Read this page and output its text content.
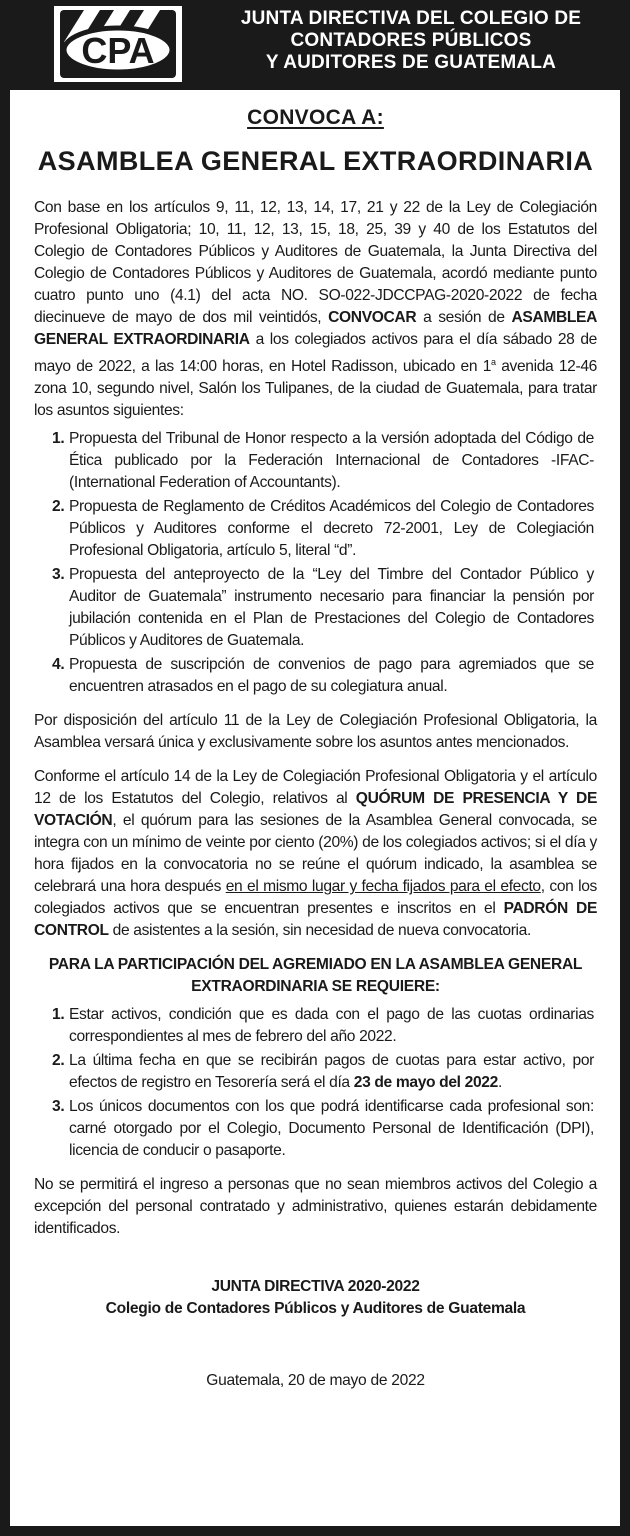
CPA
JUNTA DIRECTIVA DEL COLEGIO DE
CONTADORES PÚBLICOS
Y AUDITORES DE GUATEMALA
CONVOCA A:
ASAMBLEA GENERAL EXTRAORDINARIA

Con base en los artículos 9, 11, 12, 13, 14, 17, 21 y 22 de la Ley de Colegiación Profesional Obligatoria; 10, 11, 12, 13, 15, 18, 25, 39 y 40 de los Estatutos del Colegio de Contadores Públicos y Auditores de Guatemala, la Junta Directiva del Colegio de Contadores Públicos y Auditores de Guatemala, acordó mediante punto cuatro punto uno (4.1) del acta NO. SO-022-JDCCPAG-2020-2022 de fecha diecinueve de mayo de dos mil veintidós, CONVOCAR a sesión de ASAMBLEA GENERAL EXTRAORDINARIA a los colegiados activos para el día sábado 28 de mayo de 2022, a las 14:00 horas, en Hotel Radisson, ubicado en 1$^a$ avenida 12-46 zona 10, segundo nivel, Salón los Tulipanes, de la ciudad de Guatemala, para tratar los asuntos siguientes:

1. Propuesta del Tribunal de Honor respecto a la versión adoptada del Código de Ética publicado por la Federación Internacional de Contadores -IFAC- (International Federation of Accountants).
2. Propuesta de Reglamento de Créditos Académicos del Colegio de Contadores Públicos y Auditores conforme el decreto 72-2001, Ley de Colegiación Profesional Obligatoria, artículo 5, literal “d”.
3. Propuesta del anteproyecto de la “Ley del Timbre del Contador Público y Auditor de Guatemala” instrumento necesario para financiar la pensión por jubilación contenida en el Plan de Prestaciones del Colegio de Contadores Públicos y Auditores de Guatemala.
4. Propuesta de suscripción de convenios de pago para agremiados que se encuentren atrasados en el pago de su colegiatura anual.

Por disposición del artículo 11 de la Ley de Colegiación Profesional Obligatoria, la Asamblea versará única y exclusivamente sobre los asuntos antes mencionados.

Conforme el artículo 14 de la Ley de Colegiación Profesional Obligatoria y el artículo 12 de los Estatutos del Colegio, relativos al QUÓRUM DE PRESENCIA Y DE VOTACIÓN, el quórum para las sesiones de la Asamblea General convocada, se integra con un mínimo de veinte por ciento (20%) de los colegiados activos; si el día y hora fijados en la convocatoria no se reúne el quórum indicado, la asamblea se celebrará una hora después en el mismo lugar y fecha fijados para el efecto, con los colegiados activos que se encuentran presentes e inscritos en el PADRÓN DE CONTROL de asistentes a la sesión, sin necesidad de nueva convocatoria.

PARA LA PARTICIPACIÓN DEL AGREMIADO EN LA ASAMBLEA GENERAL
EXTRAORDINARIA SE REQUIERE:
1. Estar activos, condición que es dada con el pago de las cuotas ordinarias correspondientes al mes de febrero del año 2022.
2. La última fecha en que se recibirán pagos de cuotas para estar activo, por efectos de registro en Tesorería será el día 23 de mayo del 2022.
3. Los únicos documentos con los que podrá identificarse cada profesional son: carné otorgado por el Colegio, Documento Personal de Identificación (DPI), licencia de conducir o pasaporte.

No se permitirá el ingreso a personas que no sean miembros activos del Colegio a excepción del personal contratado y administrativo, quienes estarán debidamente identificados.

JUNTA DIRECTIVA 2020-2022
Colegio de Contadores Públicos y Auditores de Guatemala
Guatemala, 20 de mayo de 2022
